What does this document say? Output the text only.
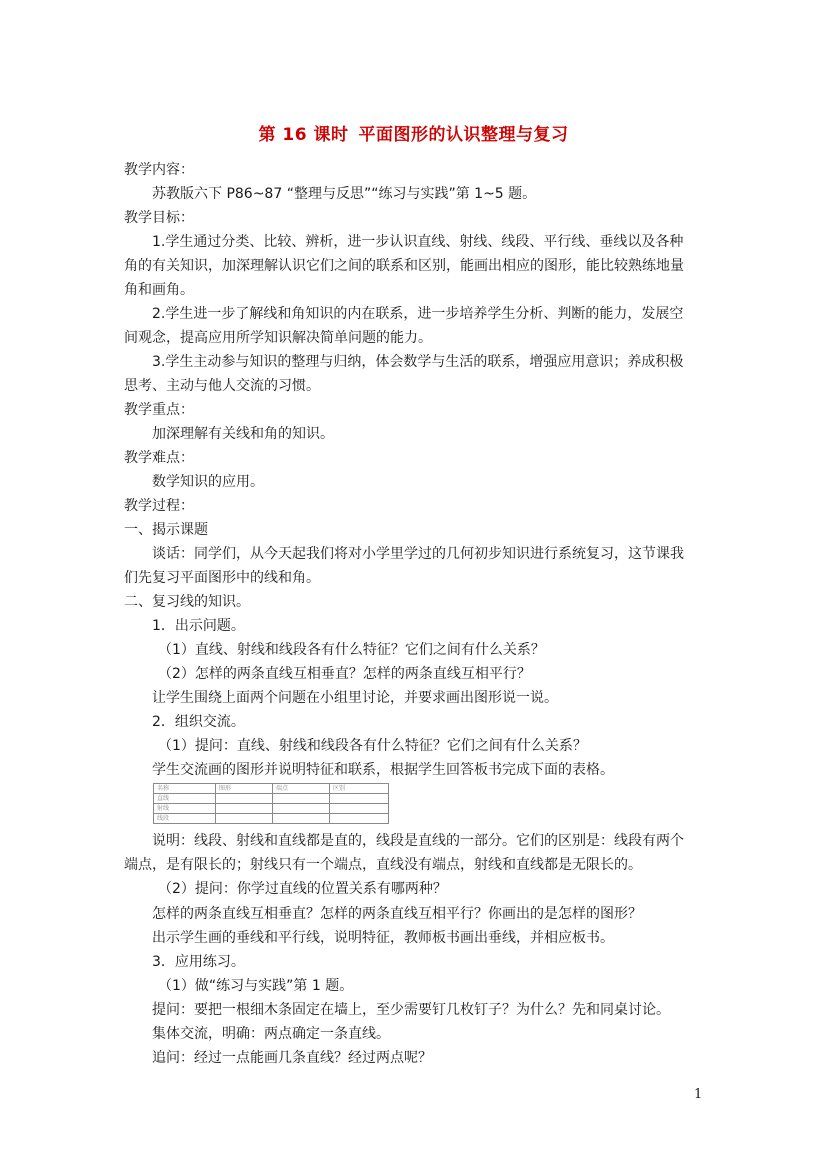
第 16 课时 平面图形的认识整理与复习
教学内容：
苏教版六下 P86~87 “整理与反思”“练习与实践”第 1~5 题。
教学目标：
1.学生通过分类、比较、辨析，进一步认识直线、射线、线段、平行线、垂线以及各种
角的有关知识，加深理解认识它们之间的联系和区别，能画出相应的图形，能比较熟练地量
角和画角。
2.学生进一步了解线和角知识的内在联系，进一步培养学生分析、判断的能力，发展空
间观念，提高应用所学知识解决简单问题的能力。
3.学生主动参与知识的整理与归纳，体会数学与生活的联系，增强应用意识；养成积极
思考、主动与他人交流的习惯。
教学重点：
加深理解有关线和角的知识。
教学难点：
数学知识的应用。
教学过程：
一、揭示课题
谈话：同学们，从今天起我们将对小学里学过的几何初步知识进行系统复习，这节课我
们先复习平面图形中的线和角。
二、复习线的知识。
1．出示问题。
（1）直线、射线和线段各有什么特征？它们之间有什么关系？
（2）怎样的两条直线互相垂直？怎样的两条直线互相平行？
让学生围绕上面两个问题在小组里讨论，并要求画出图形说一说。
2．组织交流。
（1）提问：直线、射线和线段各有什么特征？它们之间有什么关系？
学生交流画的图形并说明特征和联系，根据学生回答板书完成下面的表格。
名称	图形	端点	区别
直线			
射线			
线段			
说明：线段、射线和直线都是直的，线段是直线的一部分。它们的区别是：线段有两个
端点，是有限长的；射线只有一个端点，直线没有端点，射线和直线都是无限长的。
（2）提问：你学过直线的位置关系有哪两种？
怎样的两条直线互相垂直？怎样的两条直线互相平行？你画出的是怎样的图形？
出示学生画的垂线和平行线，说明特征，教师板书画出垂线，并相应板书。
3．应用练习。
（1）做“练习与实践”第 1 题。
提问：要把一根细木条固定在墙上，至少需要钉几枚钉子？为什么？先和同桌讨论。
集体交流，明确：两点确定一条直线。
追问：经过一点能画几条直线？经过两点呢？
1
